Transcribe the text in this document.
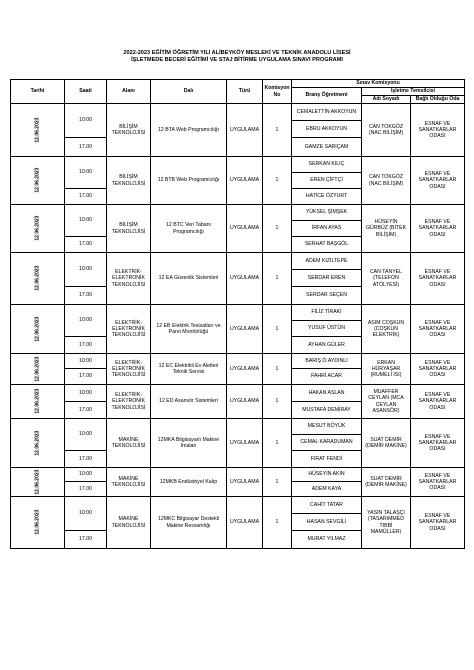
2022-2023 EĞİTİM ÖĞRETİM YILI ALİBEYKÖY MESLEKİ VE TEKNİK ANADOLU LİSESİ
İŞLETMEDE BECERİ EĞİTİMİ VE STAJ BİTİRME UYGULAMA SINAVI PROGRAMI
Tarihi	Saati	Alanı	Dalı	Türü	Komisyon No	Sınav Komisyonu		
						Branş Öğretmeni	İşletme Temsilcisi	
							Adı Soyadı	Bağlı Olduğu Oda
12.06.2023	10:00	BİLİŞİM TEKNOLOJİSİ	12 BTA Web Programcılığı	UYGULAMA	1	CEMALETTİN AKKOYUN	CAN TOKGÖZ (NAC BİLİŞİM)	ESNAF VE SANATKARLAR ODASI
						EBRU AKKOYUN		
	17.00					GAMZE SARIÇAM		
12.06.2023	10:00	BİLİŞİM TEKNOLOJİSİ	12 BTB Web Programcılığı	UYGULAMA	1	SERKAN KILIÇ	CAN TOKGÖZ (NAC BİLİŞİM)	ESNAF VE SANATKARLAR ODASI
						EREN ÇİFTÇİ		
	17.00					HATİCE ÖZYURT		
12.06.2023	10:00	BİLİŞİM TEKNOLOJİSİ	12 BTC Veri Tabanı Programcılığı	UYGULAMA	1	YÜKSEL ŞİMŞEK	HÜSEYİN GÜRBÜZ (BİTEK BİLİŞİM)	ESNAF VE SANATKARLAR ODASI
						İRFAN AYAS		
	17.00					SERHAT BAŞGÖL		
12.06.2023	10:00	ELEKTRİK-ELEKTRONİK TEKNOLOJİSİ	12 EA Güvenlik Sistemleri	UYGULAMA	1	ADEM KIZILTEPE	CAN TANYEL (TELEFON ATÖLYESİ)	ESNAF VE SANATKARLAR ODASI
						SERDAR EREN		
	17.00					SERDAR SEÇEN		
12.06.2023	10:00	ELEKTRİK-ELEKTRONİK TEKNOLOJİSİ	12 EB Elektrik Tesisatları ve Pano Montörlüğü	UYGULAMA	1	FİLİZ TİRAKİ	ASIM COŞKUN (COŞKUN ELEKTRİK)	ESNAF VE SANATKARLAR ODASI
						YUSUF ÜSTÜN		
	17.00					AYHAN GÜLER		
12.06.2023	10:00	ELEKTRİK-ELEKTRONİK TEKNOLOJİSİ	12 EC Elektrikli Ev Aletleri Teknik Servisi	UYGULAMA	1	BARIŞ Ö.AYDINLI	ERKAN HÜRYAŞAR (RUMELİ ISI)	ESNAF VE SANATKARLAR ODASI
	17.00					FAHRİ ACAR		
12.06.2023	10:00	ELEKTRİK-ELEKTRONİK TEKNOLOJİSİ	12 ED Asansör Sistemleri	UYGULAMA	1	HAKAN ASLAN	MUAFFER CEYLAN (MCA CEYLAN ASANSÖR)	ESNAF VE SANATKARLAR ODASI
	17.00					MUSTAFA DEMİRAY		
12.06.2023	10:00	MAKİNE TEKNOLOJİSİ	12MKA Bilgisayarlı Makine İmalatı	UYGULAMA	1	MESUT BÖYÜK	SUAT DEMİR (DEMİR MAKİNE)	ESNAF VE SANATKARLAR ODASI
						CEMAL KARADUMAN		
	17.00					FIRAT FENDİ		
12.06.2023	10:00	MAKİNE TEKNOLOJİSİ	12MKB Endüstriyel Kalıp	UYGULAMA	1	HÜSEYİN AKIN	SUAT DEMİR (DEMİR MAKİNE)	ESNAF VE SANATKARLAR ODASI
	17.00					ADEM KAYA		
12.06.2023	10:00	MAKİNE TEKNOLOJİSİ	12MKC Bilgisayar Destekli Makine Ressamlığı	UYGULAMA	1	CAHİT TATAR	YASİN TALAŞÇI (TASARIMMED TIBBİ MAMÜLLER)	ESNAF VE SANATKARLAR ODASI
						HASAN SEVGİLİ		
	17.00					MURAT YILMAZ		
